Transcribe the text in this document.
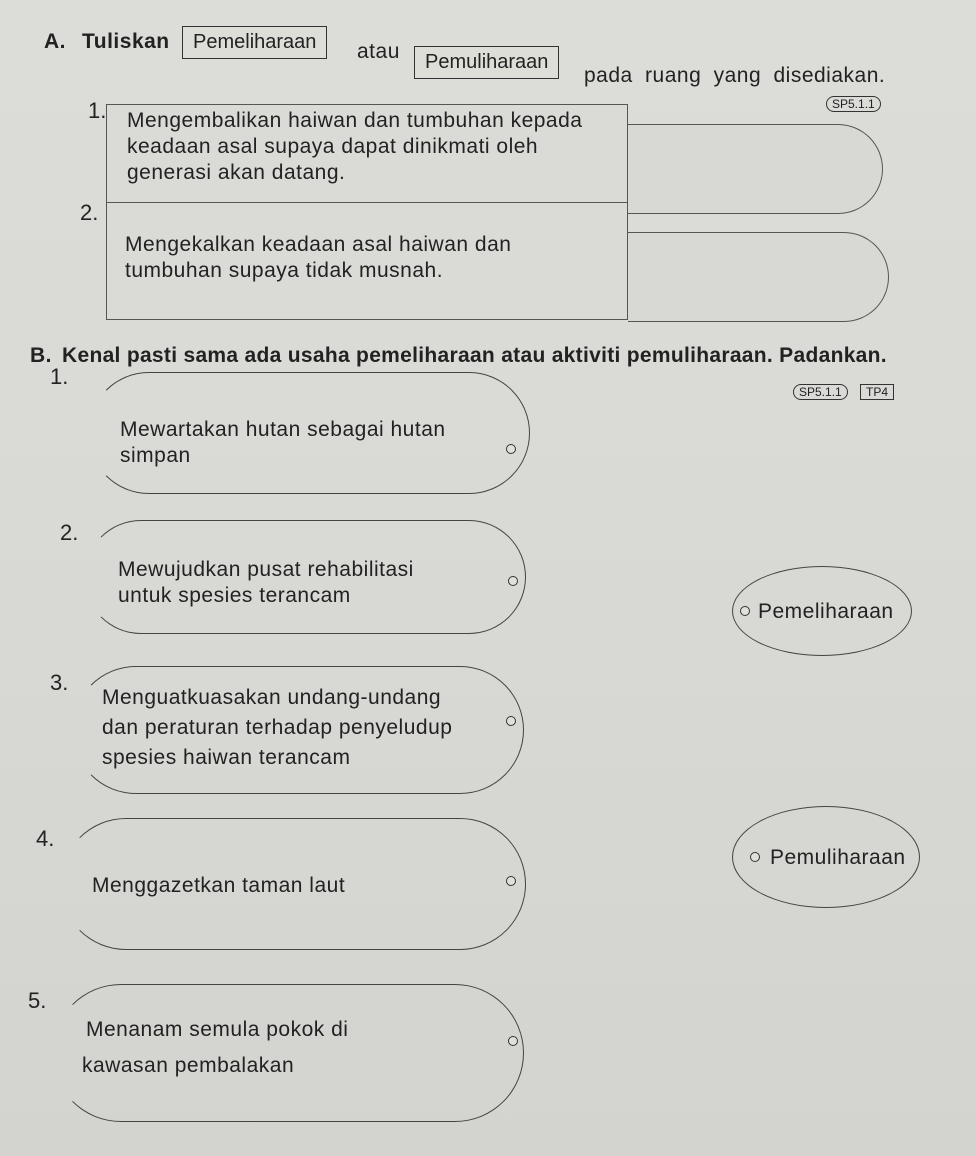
A. Tuliskan	Pemeliharaan	atau	Pemuliharaan
pada ruang yang disediakan.
SP5.1.1
1. Mengembalikan haiwan dan tumbuhan kepada
keadaan asal supaya dapat dinikmati oleh
generasi akan datang.
2.
Mengekalkan keadaan asal haiwan dan
tumbuhan supaya tidak musnah.
B. Kenal pasti sama ada usaha pemeliharaan atau aktiviti pemuliharaan. Padankan.
SP5.1.1	TP4
1.
Mewartakan hutan sebagai hutan
simpan
2.
Mewujudkan pusat rehabilitasi
untuk spesies terancam
3.
Menguatkuasakan undang-undang
dan peraturan terhadap penyeludup
spesies haiwan terancam
4.
Menggazetkan taman laut
5.
Menanam semula pokok di
kawasan pembalakan
Pemeliharaan
Pemuliharaan
